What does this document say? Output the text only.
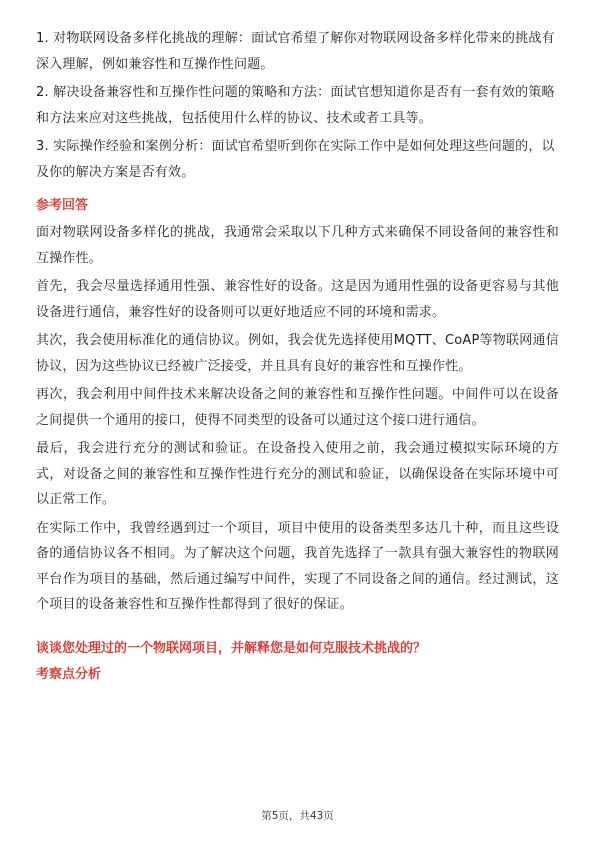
1. 对物联网设备多样化挑战的理解：面试官希望了解你对物联网设备多样化带来的挑战有深入理解，例如兼容性和互操作性问题。

2. 解决设备兼容性和互操作性问题的策略和方法：面试官想知道你是否有一套有效的策略和方法来应对这些挑战，包括使用什么样的协议、技术或者工具等。

3. 实际操作经验和案例分析：面试官希望听到你在实际工作中是如何处理这些问题的，以及你的解决方案是否有效。

参考回答

面对物联网设备多样化的挑战，我通常会采取以下几种方式来确保不同设备间的兼容性和互操作性。

首先，我会尽量选择通用性强、兼容性好的设备。这是因为通用性强的设备更容易与其他设备进行通信，兼容性好的设备则可以更好地适应不同的环境和需求。

其次，我会使用标准化的通信协议。例如，我会优先选择使用MQTT、CoAP等物联网通信协议，因为这些协议已经被广泛接受，并且具有良好的兼容性和互操作性。

再次，我会利用中间件技术来解决设备之间的兼容性和互操作性问题。中间件可以在设备之间提供一个通用的接口，使得不同类型的设备可以通过这个接口进行通信。

最后，我会进行充分的测试和验证。在设备投入使用之前，我会通过模拟实际环境的方式，对设备之间的兼容性和互操作性进行充分的测试和验证，以确保设备在实际环境中可以正常工作。

在实际工作中，我曾经遇到过一个项目，项目中使用的设备类型多达几十种，而且这些设备的通信协议各不相同。为了解决这个问题，我首先选择了一款具有强大兼容性的物联网平台作为项目的基础，然后通过编写中间件，实现了不同设备之间的通信。经过测试，这个项目的设备兼容性和互操作性都得到了很好的保证。

谈谈您处理过的一个物联网项目，并解释您是如何克服技术挑战的？
考察点分析
第5页，共43页
